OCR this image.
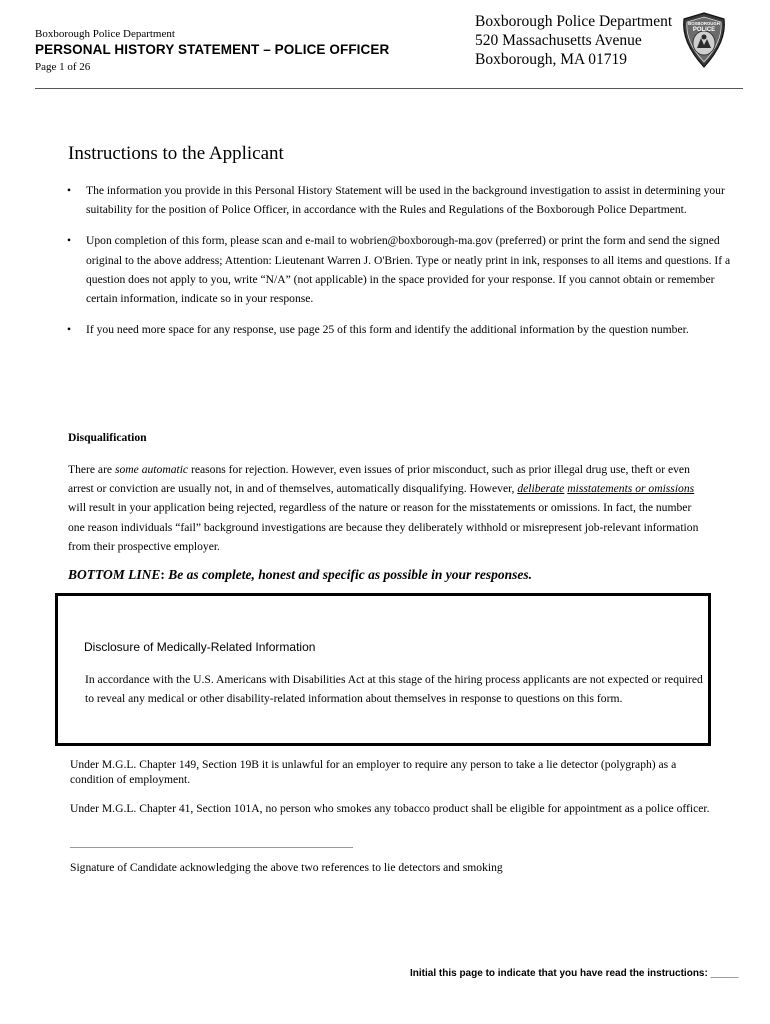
Boxborough Police Department
PERSONAL HISTORY STATEMENT – POLICE OFFICER
Page 1 of 26
Boxborough Police Department
520 Massachusetts Avenue
Boxborough, MA 01719
BOXBOROUGH
POLICE
Instructions to the Applicant
• The information you provide in this Personal History Statement will be used in the background investigation to assist in determining your suitability for the position of Police Officer, in accordance with the Rules and Regulations of the Boxborough Police Department.
• Upon completion of this form, please scan and e-mail to wobrien@boxborough-ma.gov (preferred) or print the form and send the signed original to the above address; Attention: Lieutenant Warren J. O'Brien. Type or neatly print in ink, responses to all items and questions. If a question does not apply to you, write “N/A” (not applicable) in the space provided for your response. If you cannot obtain or remember certain information, indicate so in your response.
• If you need more space for any response, use page 25 of this form and identify the additional information by the question number.
Disqualification
There are some automatic reasons for rejection. However, even issues of prior misconduct, such as prior illegal drug use, theft or even arrest or conviction are usually not, in and of themselves, automatically disqualifying. However, deliberate misstatements or omissions will result in your application being rejected, regardless of the nature or reason for the misstatements or omissions. In fact, the number one reason individuals “fail” background investigations are because they deliberately withhold or misrepresent job-relevant information from their prospective employer.
BOTTOM LINE: Be as complete, honest and specific as possible in your responses.
Disclosure of Medically-Related Information
In accordance with the U.S. Americans with Disabilities Act at this stage of the hiring process applicants are not expected or required to reveal any medical or other disability-related information about themselves in response to questions on this form.
Under M.G.L. Chapter 149, Section 19B it is unlawful for an employer to require any person to take a lie detector (polygraph) as a condition of employment.
Under M.G.L. Chapter 41, Section 101A, no person who smokes any tobacco product shall be eligible for appointment as a police officer.
Signature of Candidate acknowledging the above two references to lie detectors and smoking
Initial this page to indicate that you have read the instructions: _____
